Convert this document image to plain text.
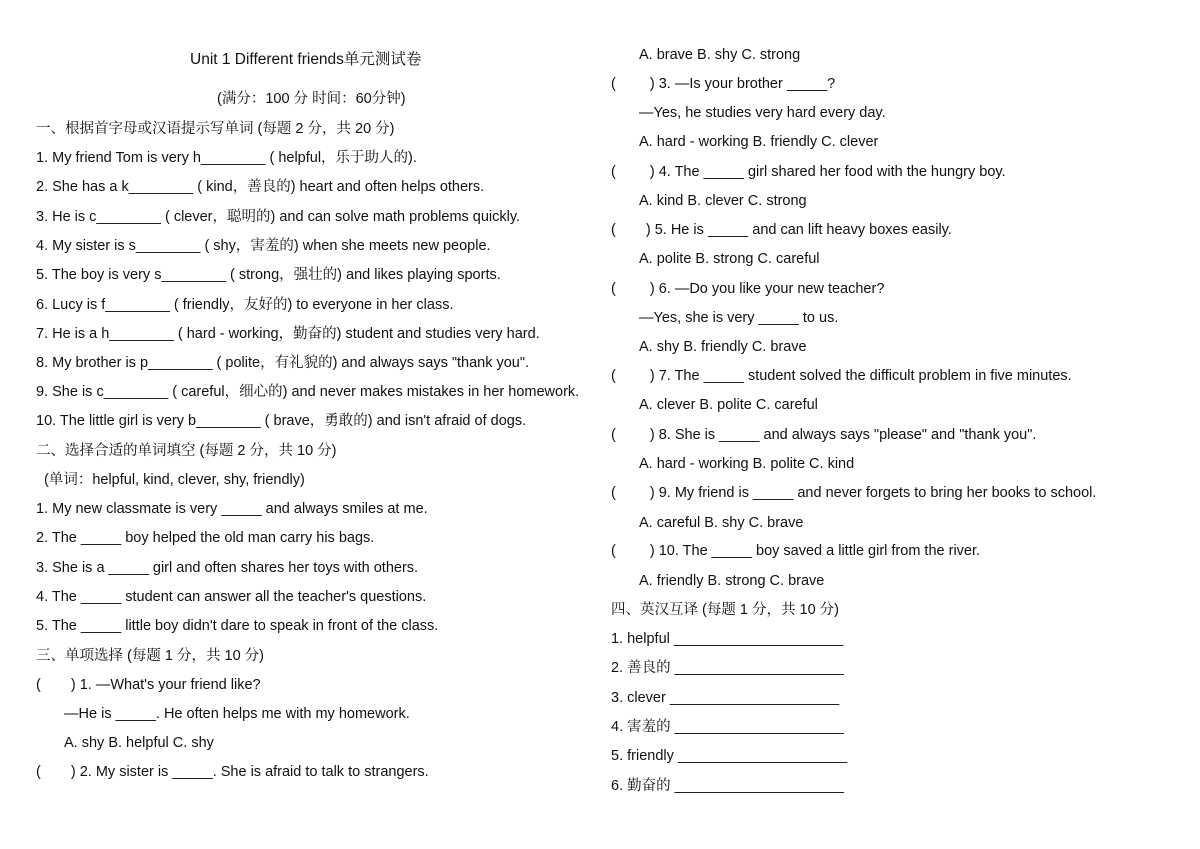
Unit 1 Different friends单元测试卷
(满分：100 分 时间：60分钟)
一、根据首字母或汉语提示写单词 (每题 2 分，共 20 分)
1. My friend Tom is very h________ ( helpful，乐于助人的).
2. She has a k________ ( kind，善良的) heart and often helps others.
3. He is c________ ( clever，聪明的) and can solve math problems quickly.
4. My sister is s________ ( shy，害羞的) when she meets new people.
5. The boy is very s________ ( strong，强壮的) and likes playing sports.
6. Lucy is f________ ( friendly，友好的) to everyone in her class.
7. He is a h________ ( hard - working，勤奋的) student and studies very hard.
8. My brother is p________ ( polite，有礼貌的) and always says "thank you".
9. She is c________ ( careful，细心的) and never makes mistakes in her homework.
10. The little girl is very b________ ( brave，勇敢的) and isn't afraid of dogs.
二、选择合适的单词填空 (每题 2 分，共 10 分)
(单词：helpful, kind, clever, shy, friendly)
1. My new classmate is very _____ and always smiles at me.
2. The _____ boy helped the old man carry his bags.
3. She is a _____ girl and often shares her toys with others.
4. The _____ student can answer all the teacher's questions.
5. The _____ little boy didn't dare to speak in front of the class.
三、单项选择 (每题 1 分，共 10 分)
( ) 1. —What's your friend like?
—He is _____. He often helps me with my homework.
A. shy B. helpful C. shy
( ) 2. My sister is _____. She is afraid to talk to strangers.
A. brave B. shy C. strong
( ) 3. —Is your brother _____?
—Yes, he studies very hard every day.
A. hard - working B. friendly C. clever
( ) 4. The _____ girl shared her food with the hungry boy.
A. kind B. clever C. strong
( ) 5. He is _____ and can lift heavy boxes easily.
A. polite B. strong C. careful
( ) 6. —Do you like your new teacher?
—Yes, she is very _____ to us.
A. shy B. friendly C. brave
( ) 7. The _____ student solved the difficult problem in five minutes.
A. clever B. polite C. careful
( ) 8. She is _____ and always says "please" and "thank you".
A. hard - working B. polite C. kind
( ) 9. My friend is _____ and never forgets to bring her books to school.
A. careful B. shy C. brave
( ) 10. The _____ boy saved a little girl from the river.
A. friendly B. strong C. brave
四、英汉互译 (每题 1 分，共 10 分)
1. helpful _____________________
2. 善良的 _____________________
3. clever _____________________
4. 害羞的 _____________________
5. friendly _____________________
6. 勤奋的 _____________________
